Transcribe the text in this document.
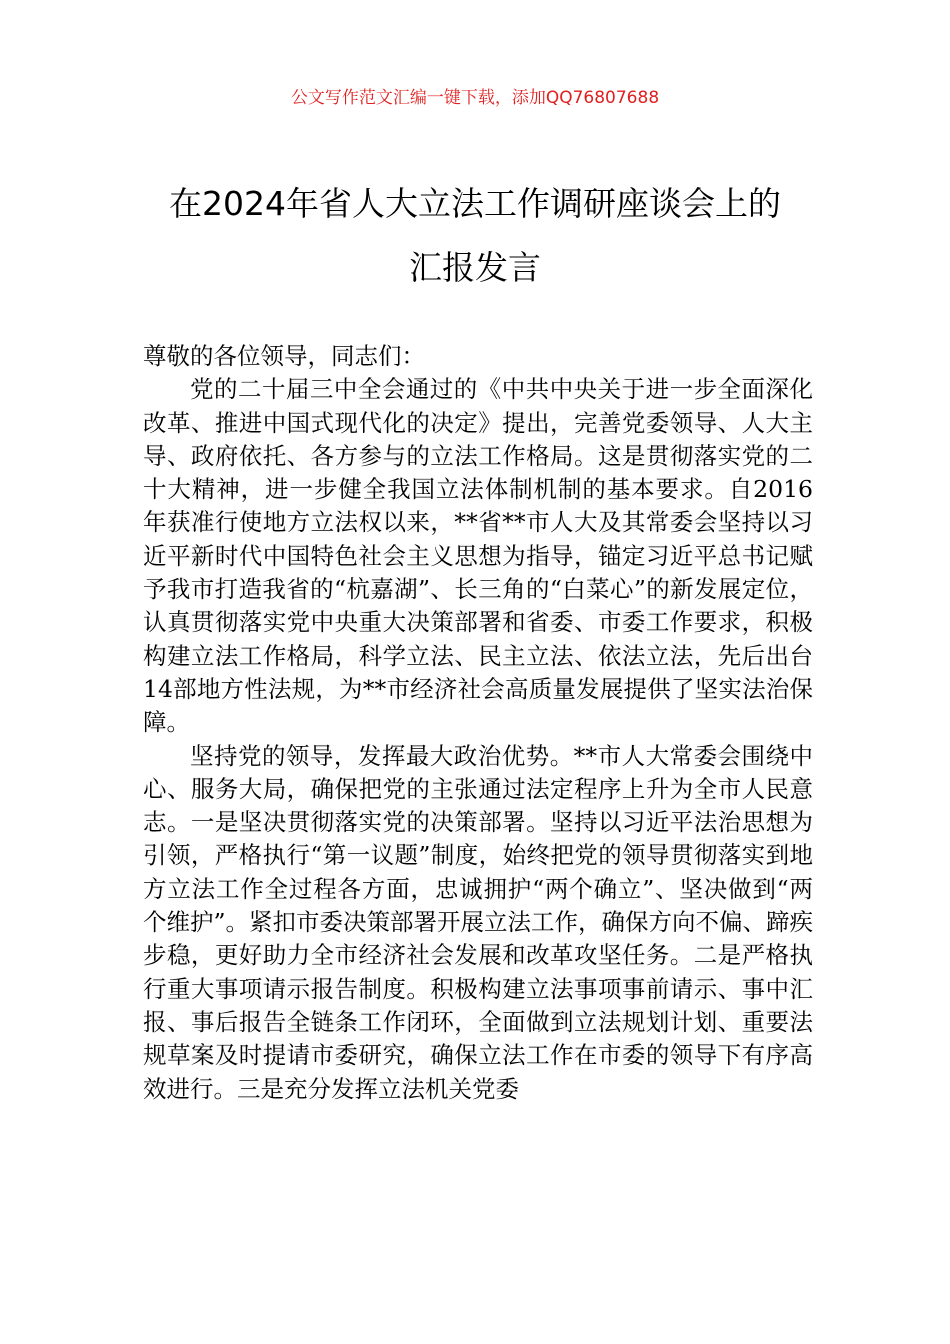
公文写作范文汇编一键下载，添加QQ76807688
在2024年省人大立法工作调研座谈会上的
汇报发言

尊敬的各位领导，同志们：

党的二十届三中全会通过的《中共中央关于进一步全面深化改革、推进中国式现代化的决定》提出，完善党委领导、人大主导、政府依托、各方参与的立法工作格局。这是贯彻落实党的二十大精神，进一步健全我国立法体制机制的基本要求。自2016年获准行使地方立法权以来，**省**市人大及其常委会坚持以习近平新时代中国特色社会主义思想为指导，锚定习近平总书记赋予我市打造我省的“杭嘉湖”、长三角的“白菜心”的新发展定位，认真贯彻落实党中央重大决策部署和省委、市委工作要求，积极构建立法工作格局，科学立法、民主立法、依法立法，先后出台14部地方性法规，为**市经济社会高质量发展提供了坚实法治保障。

坚持党的领导，发挥最大政治优势。**市人大常委会围绕中心、服务大局，确保把党的主张通过法定程序上升为全市人民意志。一是坚决贯彻落实党的决策部署。坚持以习近平法治思想为引领，严格执行“第一议题”制度，始终把党的领导贯彻落实到地方立法工作全过程各方面，忠诚拥护“两个确立”、坚决做到“两个维护”。紧扣市委决策部署开展立法工作，确保方向不偏、蹄疾步稳，更好助力全市经济社会发展和改革攻坚任务。二是严格执行重大事项请示报告制度。积极构建立法事项事前请示、事中汇报、事后报告全链条工作闭环，全面做到立法规划计划、重要法规草案及时提请市委研究，确保立法工作在市委的领导下有序高效进行。三是充分发挥立法机关党委
